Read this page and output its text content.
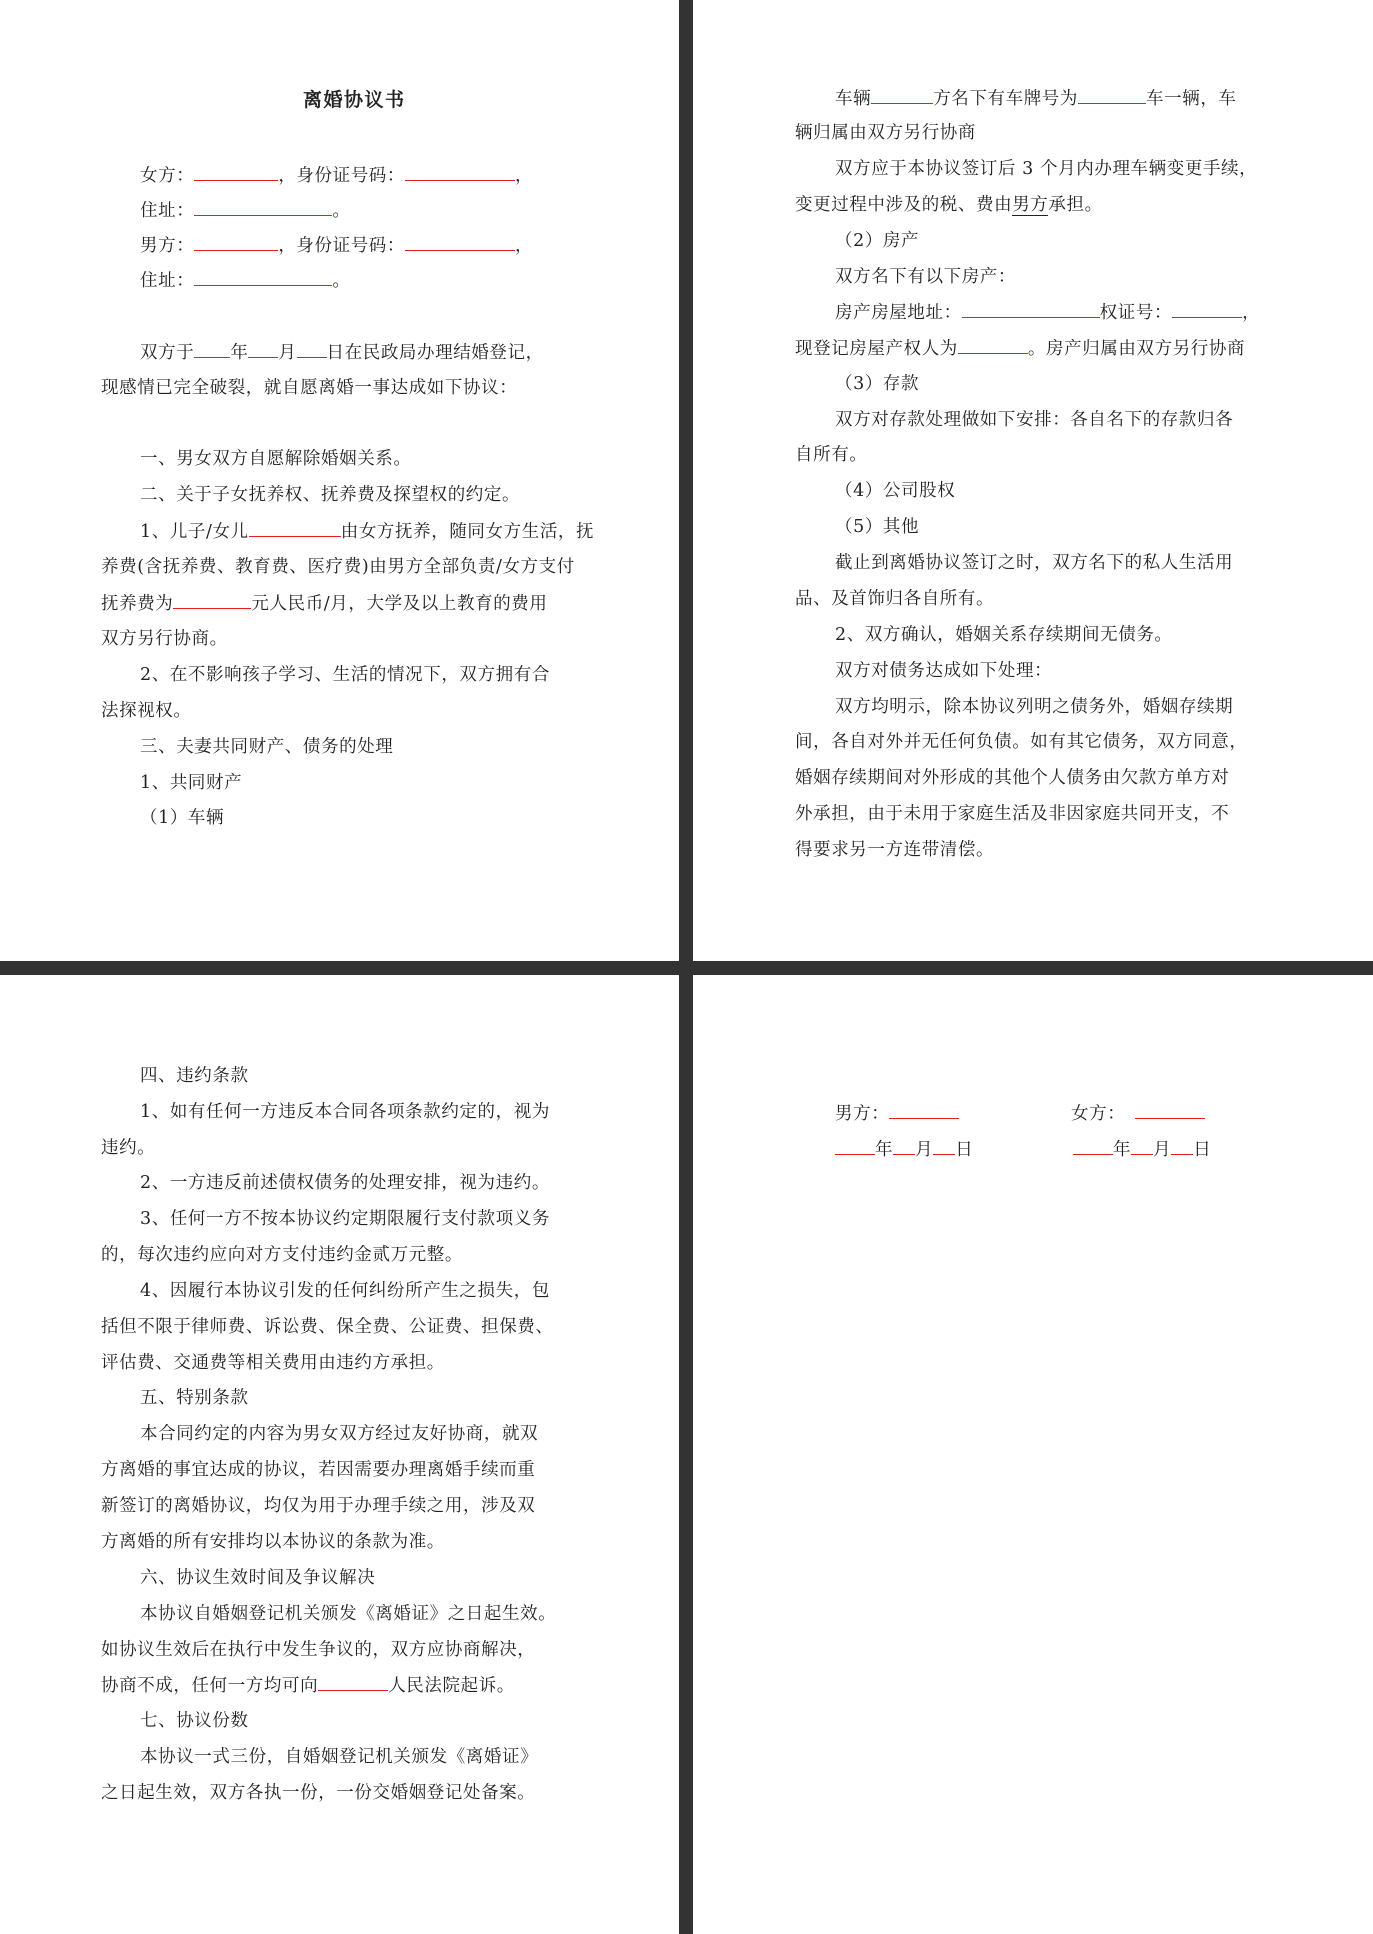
离婚协议书
女方：	，身份证号码：	，
住址：	。
男方：	，身份证号码：	，
住址：	。
双方于 年 月 日在民政局办理结婚登记，
现感情已完全破裂，就自愿离婚一事达成如下协议：
一、男女双方自愿解除婚姻关系。
二、关于子女抚养权、抚养费及探望权的约定。
1、儿子/女儿	由女方抚养，随同女方生活，抚
养费(含抚养费、教育费、医疗费)由男方全部负责/女方支付
抚养费为	元人民币/月，大学及以上教育的费用
双方另行协商。
2、在不影响孩子学习、生活的情况下，双方拥有合
法探视权。
三、夫妻共同财产、债务的处理
1、共同财产
（1）车辆
车辆	方名下有车牌号为	车一辆，车
辆归属由双方另行协商
双方应于本协议签订后 3 个月内办理车辆变更手续，
变更过程中涉及的税、费由男方承担。
（2）房产
双方名下有以下房产：
房产房屋地址：	权证号：	，
现登记房屋产权人为	。房产归属由双方另行协商
（3）存款
双方对存款处理做如下安排：各自名下的存款归各
自所有。
（4）公司股权
（5）其他
截止到离婚协议签订之时，双方名下的私人生活用
品、及首饰归各自所有。
2、双方确认，婚姻关系存续期间无债务。
双方对债务达成如下处理：
双方均明示，除本协议列明之债务外，婚姻存续期
间，各自对外并无任何负债。如有其它债务，双方同意，
婚姻存续期间对外形成的其他个人债务由欠款方单方对
外承担，由于未用于家庭生活及非因家庭共同开支，不
得要求另一方连带清偿。
四、违约条款
1、如有任何一方违反本合同各项条款约定的，视为
违约。
2、一方违反前述债权债务的处理安排，视为违约。
3、任何一方不按本协议约定期限履行支付款项义务
的，每次违约应向对方支付违约金贰万元整。
4、因履行本协议引发的任何纠纷所产生之损失，包
括但不限于律师费、诉讼费、保全费、公证费、担保费、
评估费、交通费等相关费用由违约方承担。
五、特别条款
本合同约定的内容为男女双方经过友好协商，就双
方离婚的事宜达成的协议，若因需要办理离婚手续而重
新签订的离婚协议，均仅为用于办理手续之用，涉及双
方离婚的所有安排均以本协议的条款为准。
六、协议生效时间及争议解决
本协议自婚姻登记机关颁发《离婚证》之日起生效。
如协议生效后在执行中发生争议的，双方应协商解决，
协商不成，任何一方均可向	人民法院起诉。
七、协议份数
本协议一式三份，自婚姻登记机关颁发《离婚证》
之日起生效，双方各执一份，一份交婚姻登记处备案。
男方：	女方：
年 月 日	年 月 日
